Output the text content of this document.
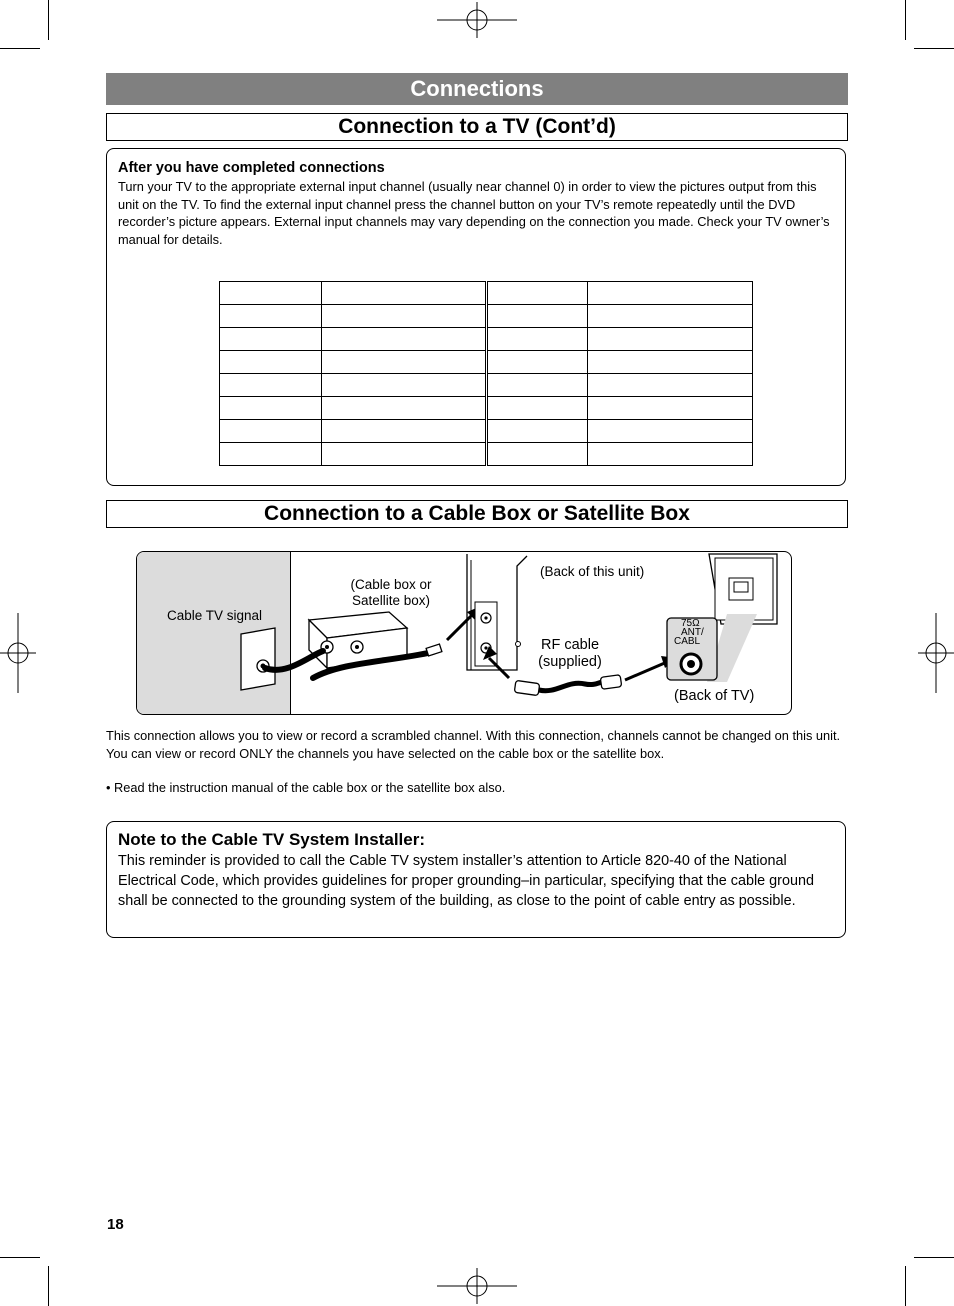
Connections
Connection to a TV (Cont’d)
After you have completed connections
Turn your TV to the appropriate external input channel (usually near channel 0) in order to view the pictures output from this unit on the TV. To find the external input channel press the channel button on your TV’s remote repeatedly until the DVD recorder’s picture appears. External input channels may vary depending on the connection you made. Check your TV owner’s manual for details.

Connection to a Cable Box or Satellite Box
75Ω
ANT/
CABL
Cable TV signal
(Cable box or Satellite box)
(Back of this unit)
RF cable (supplied)
(Back of TV)
This connection allows you to view or record a scrambled channel. With this connection, channels cannot be changed on this unit. You can view or record ONLY the channels you have selected on the cable box or the satellite box.
• Read the instruction manual of the cable box or the satellite box also.
Note to the Cable TV System Installer:
This reminder is provided to call the Cable TV system installer’s attention to Article 820-40 of the National Electrical Code, which provides guidelines for proper grounding–in particular, specifying that the cable ground shall be connected to the grounding system of the building, as close to the point of cable entry as possible.
18
